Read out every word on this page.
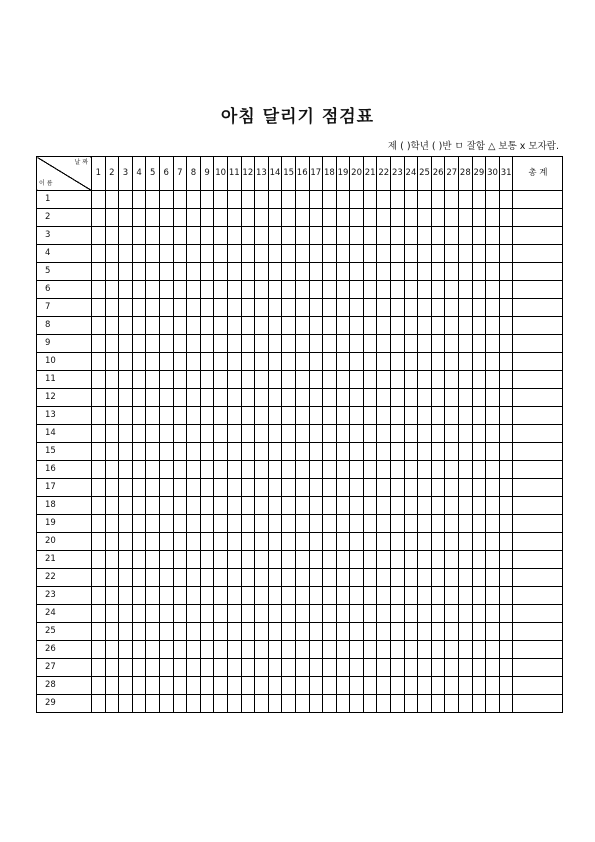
아침 달리기 점검표
제 ( )학년 ( )반 ㅁ 잘함 △ 보통 x 모자람.
날 짜
이 름	1	2	3	4	5	6	7	8	9	10	11	12	13	14	15	16	17	18	19	20	21	22	23	24	25	26	27	28	29	30	31	총 계
1																																
2																																
3																																
4																																
5																																
6																																
7																																
8																																
9																																
10																																
11																																
12																																
13																																
14																																
15																																
16																																
17																																
18																																
19																																
20																																
21																																
22																																
23																																
24																																
25																																
26																																
27																																
28																																
29																																
